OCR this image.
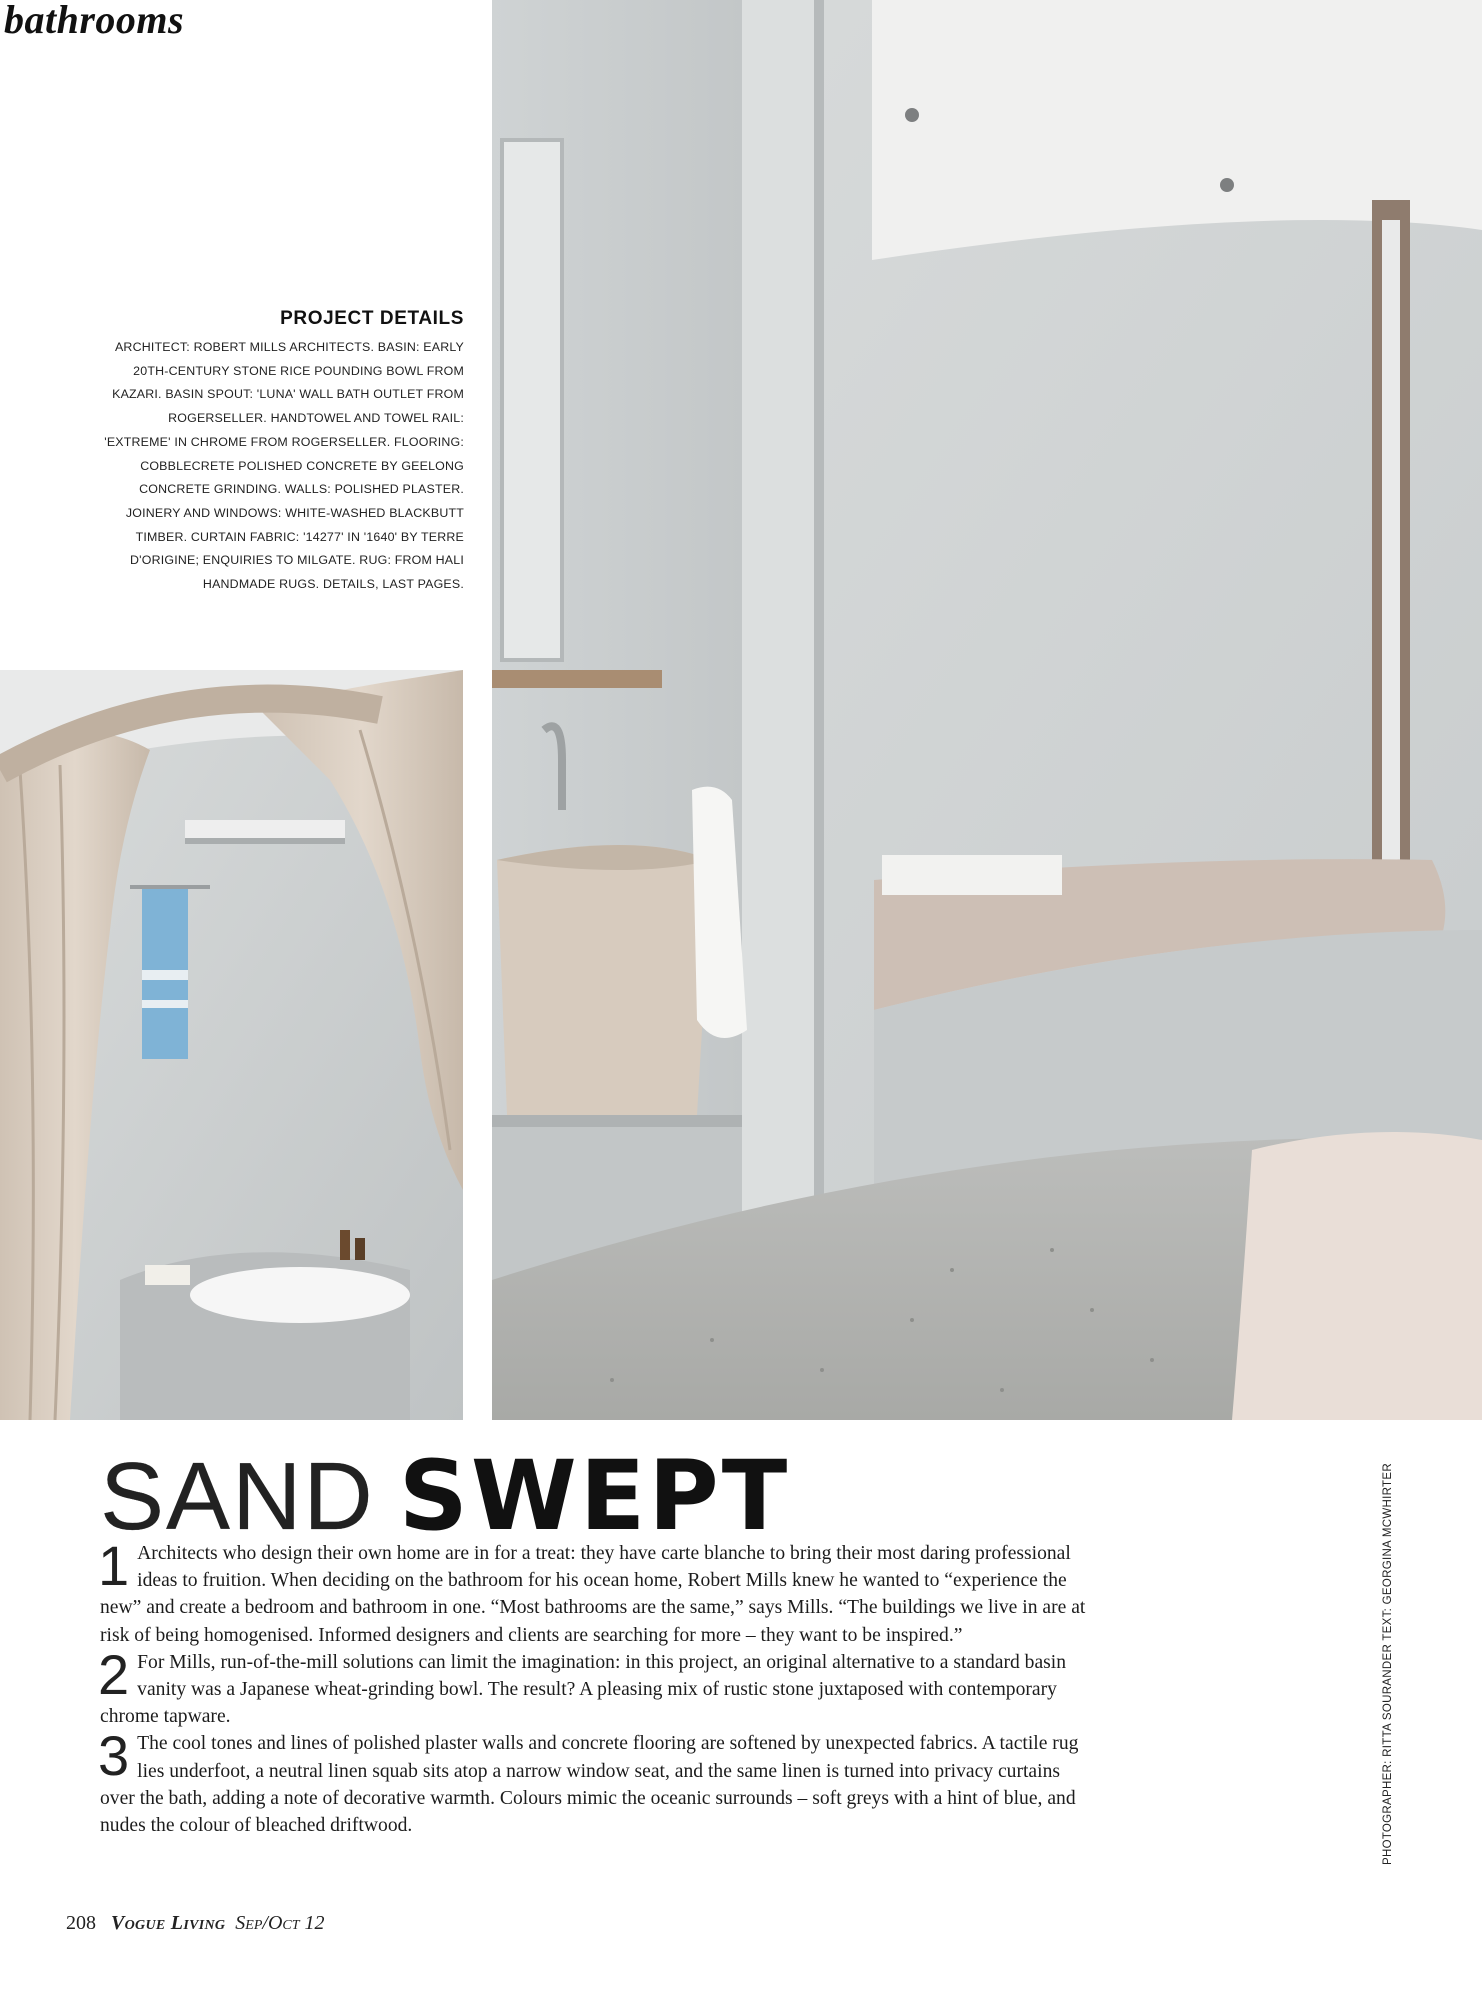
bathrooms
PROJECT DETAILS
ARCHITECT: ROBERT MILLS ARCHITECTS. BASIN: EARLY 20TH-CENTURY STONE RICE POUNDING BOWL FROM KAZARI. BASIN SPOUT: 'LUNA' WALL BATH OUTLET FROM ROGERSELLER. HANDTOWEL AND TOWEL RAIL: 'EXTREME' IN CHROME FROM ROGERSELLER. FLOORING: COBBLECRETE POLISHED CONCRETE BY GEELONG CONCRETE GRINDING. WALLS: POLISHED PLASTER. JOINERY AND WINDOWS: WHITE-WASHED BLACKBUTT TIMBER. CURTAIN FABRIC: '14277' IN '1640' BY TERRE D'ORIGINE; ENQUIRIES TO MILGATE. RUG: FROM HALI HANDMADE RUGS. DETAILS, LAST PAGES.
SAND SWEPT

1 Architects who design their own home are in for a treat: they have carte blanche to bring their most daring professional ideas to fruition. When deciding on the bathroom for his ocean home, Robert Mills knew he wanted to “experience the new” and create a bedroom and bathroom in one. “Most bathrooms are the same,” says Mills. “The buildings we live in are at risk of being homogenised. Informed designers and clients are searching for more – they want to be inspired.”

2 For Mills, run-of-the-mill solutions can limit the imagination: in this project, an original alternative to a standard basin vanity was a Japanese wheat-grinding bowl. The result? A pleasing mix of rustic stone juxtaposed with contemporary chrome tapware.

3 The cool tones and lines of polished plaster walls and concrete flooring are softened by unexpected fabrics. A tactile rug lies underfoot, a neutral linen squab sits atop a narrow window seat, and the same linen is turned into privacy curtains over the bath, adding a note of decorative warmth. Colours mimic the oceanic surrounds – soft greys with a hint of blue, and nudes the colour of bleached driftwood.	PHOTOGRAPHER: RITTA SOURANDER TEXT: GEORGINA MCWHIRTER
208 Vogue Living Sep/Oct 12
